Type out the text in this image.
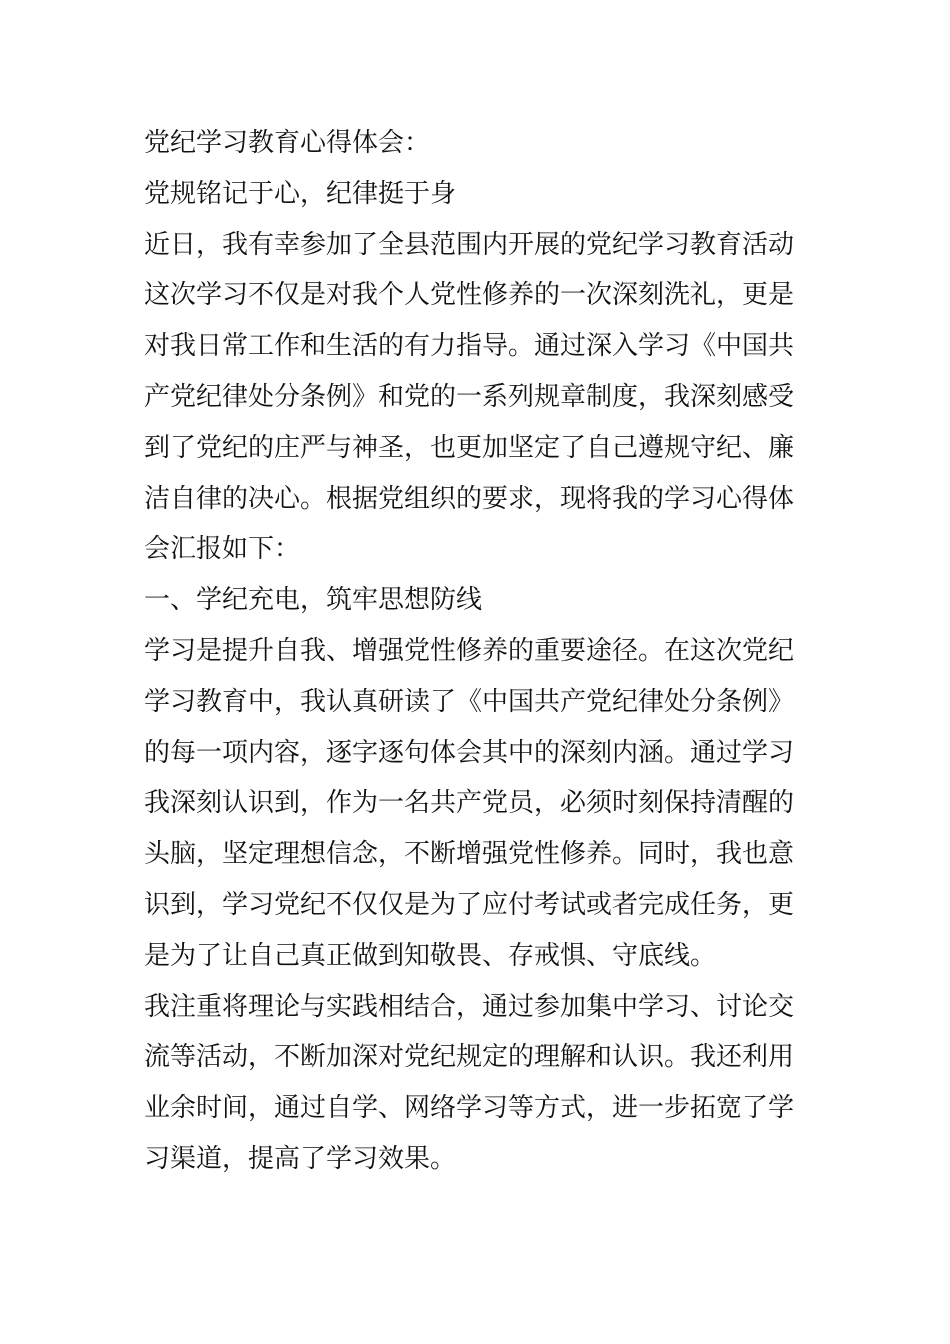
党纪学习教育心得体会：
党规铭记于心，纪律挺于身
近日，我有幸参加了全县范围内开展的党纪学习教育活动
这次学习不仅是对我个人党性修养的一次深刻洗礼，更是
对我日常工作和生活的有力指导。通过深入学习《中国共
产党纪律处分条例》和党的一系列规章制度，我深刻感受
到了党纪的庄严与神圣，也更加坚定了自己遵规守纪、廉
洁自律的决心。根据党组织的要求，现将我的学习心得体
会汇报如下：
一、学纪充电，筑牢思想防线
学习是提升自我、增强党性修养的重要途径。在这次党纪
学习教育中，我认真研读了《中国共产党纪律处分条例》
的每一项内容，逐字逐句体会其中的深刻内涵。通过学习
我深刻认识到，作为一名共产党员，必须时刻保持清醒的
头脑，坚定理想信念，不断增强党性修养。同时，我也意
识到，学习党纪不仅仅是为了应付考试或者完成任务，更
是为了让自己真正做到知敬畏、存戒惧、守底线。
我注重将理论与实践相结合，通过参加集中学习、讨论交
流等活动，不断加深对党纪规定的理解和认识。我还利用
业余时间，通过自学、网络学习等方式，进一步拓宽了学
习渠道，提高了学习效果。
